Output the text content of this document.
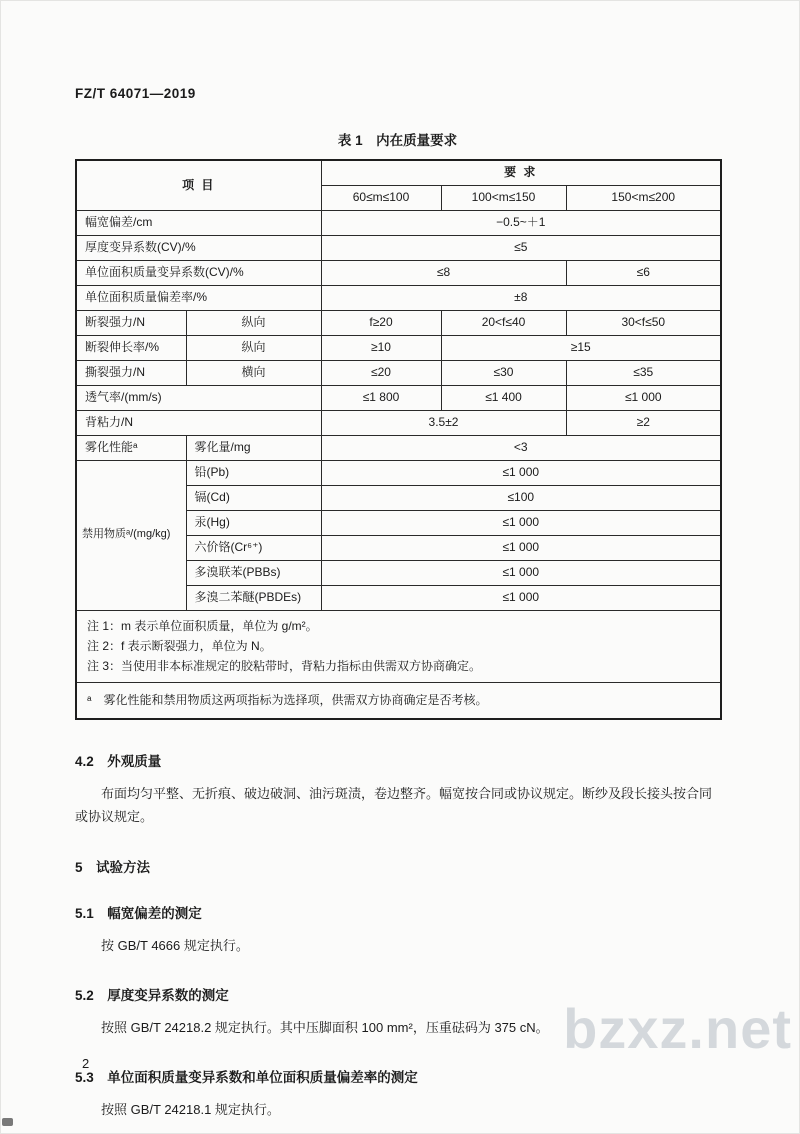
FZ/T 64071—2019
表 1　内在质量要求
项 目		要 求		
		60≤m≤100	100<m≤150	150<m≤200
幅宽偏差/cm		−0.5~＋1		
厚度变异系数(CV)/%		≤5		
单位面积质量变异系数(CV)/%		≤8		≤6
单位面积质量偏差率/%		±8		
断裂强力/N	纵向	f≥20	20<f≤40	30<f≤50
断裂伸长率/%	纵向	≥10	≥15	
撕裂强力/N	横向	≤20	≤30	≤35
透气率/(mm/s)		≤1 800	≤1 400	≤1 000
背粘力/N		3.5±2		≥2
雾化性能ᵃ	雾化量/mg	<3		
禁用物质ᵃ/(mg/kg)	铅(Pb)	≤1 000		
	镉(Cd)	≤100		
	汞(Hg)	≤1 000		
	六价铬(Cr⁶⁺)	≤1 000		
	多溴联苯(PBBs)	≤1 000		
	多溴二苯醚(PBDEs)	≤1 000		

注 1：m 表示单位面积质量，单位为 g/m²。
注 2：f 表示断裂强力，单位为 N。
注 3：当使用非本标准规定的胶粘带时，背粘力指标由供需双方协商确定。				

ᵃ　雾化性能和禁用物质这两项指标为选择项，供需双方协商确定是否考核。				
4.2　外观质量
布面均匀平整、无折痕、破边破洞、油污斑渍，卷边整齐。幅宽按合同或协议规定。断纱及段长接头按合同或协议规定。
5　试验方法
5.1　幅宽偏差的测定
按 GB/T 4666 规定执行。
5.2　厚度变异系数的测定
按照 GB/T 24218.2 规定执行。其中压脚面积 100 mm²，压重砝码为 375 cN。
5.3　单位面积质量变异系数和单位面积质量偏差率的测定
按照 GB/T 24218.1 规定执行。
2
bzxz.net
